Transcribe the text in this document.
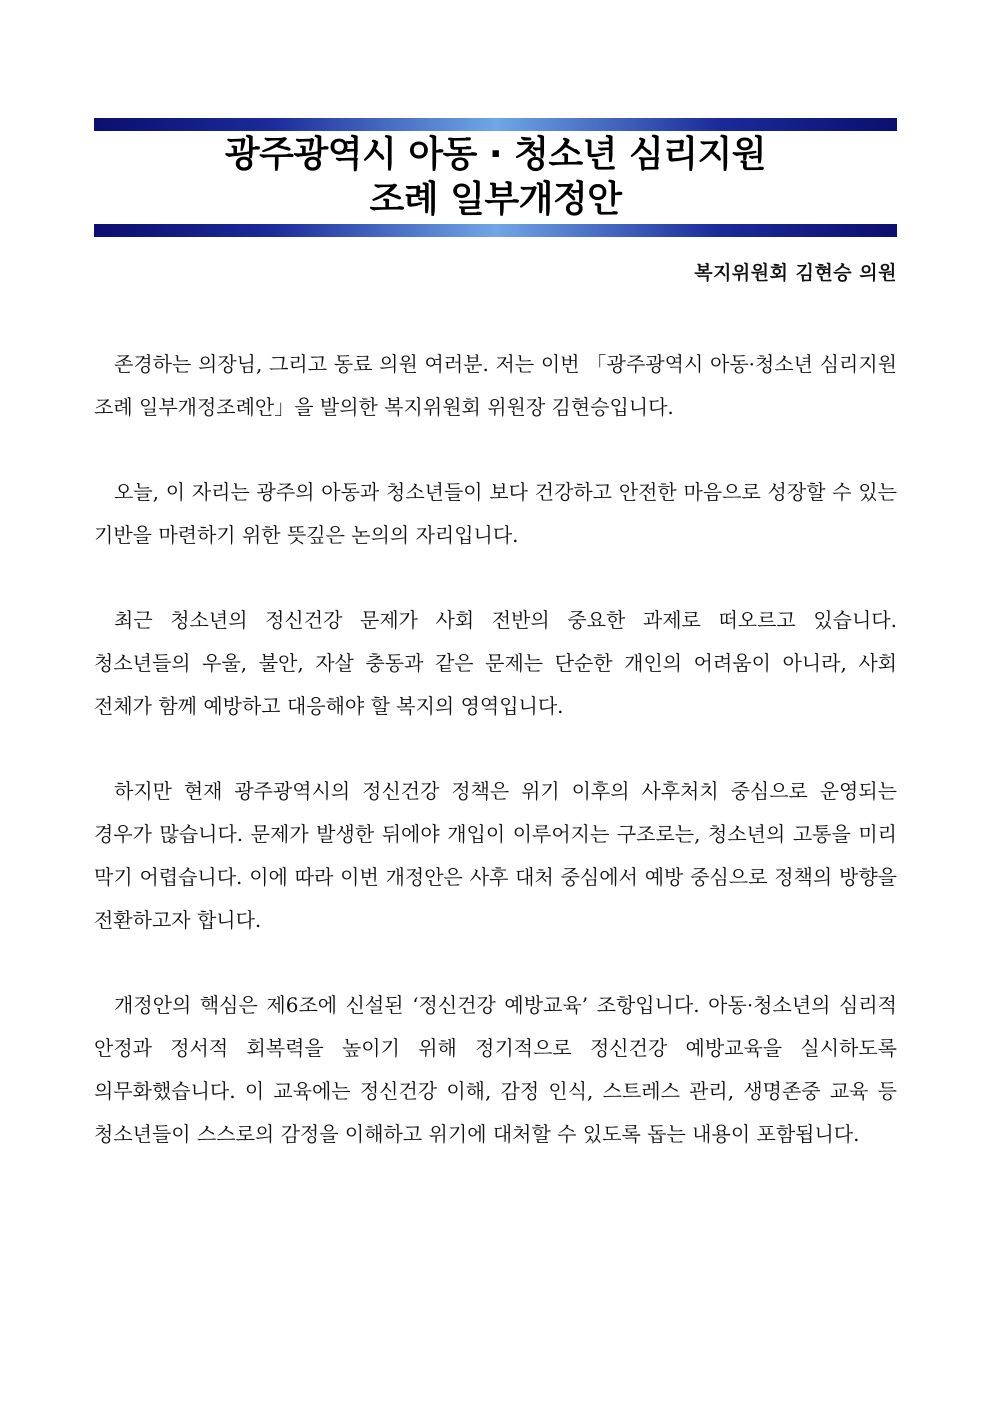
광주광역시 아동 · 청소년 심리지원
조례 일부개정안
복지위원회 김현승 의원

존경하는 의장님, 그리고 동료 의원 여러분. 저는 이번 「광주광역시 아동·청소년 심리지원 조례 일부개정조례안」을 발의한 복지위원회 위원장 김현승입니다.

오늘, 이 자리는 광주의 아동과 청소년들이 보다 건강하고 안전한 마음으로 성장할 수 있는 기반을 마련하기 위한 뜻깊은 논의의 자리입니다.

최근 청소년의 정신건강 문제가 사회 전반의 중요한 과제로 떠오르고 있습니다. 청소년들의 우울, 불안, 자살 충동과 같은 문제는 단순한 개인의 어려움이 아니라, 사회 전체가 함께 예방하고 대응해야 할 복지의 영역입니다.

하지만 현재 광주광역시의 정신건강 정책은 위기 이후의 사후처치 중심으로 운영되는 경우가 많습니다. 문제가 발생한 뒤에야 개입이 이루어지는 구조로는, 청소년의 고통을 미리 막기 어렵습니다. 이에 따라 이번 개정안은 사후 대처 중심에서 예방 중심으로 정책의 방향을 전환하고자 합니다.

개정안의 핵심은 제6조에 신설된 ‘정신건강 예방교육’ 조항입니다. 아동·청소년의 심리적 안정과 정서적 회복력을 높이기 위해 정기적으로 정신건강 예방교육을 실시하도록 의무화했습니다. 이 교육에는 정신건강 이해, 감정 인식, 스트레스 관리, 생명존중 교육 등 청소년들이 스스로의 감정을 이해하고 위기에 대처할 수 있도록 돕는 내용이 포함됩니다.
